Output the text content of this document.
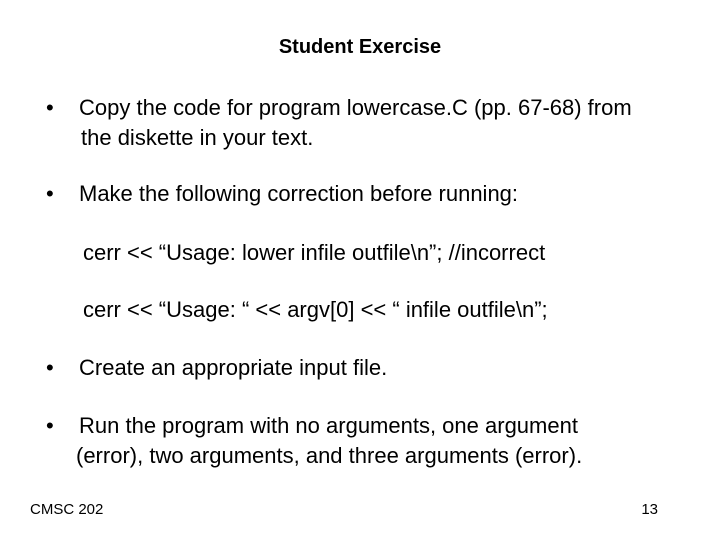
Student Exercise
• Copy the code for program lowercase.C (pp. 67-68) from
the diskette in your text.
• Make the following correction before running:
cerr << “Usage: lower infile outfile\n”; //incorrect
cerr << “Usage: “ << argv[0] << “ infile outfile\n”;
• Create an appropriate input file.
• Run the program with no arguments, one argument
(error), two arguments, and three arguments (error).
CMSC 202	13
